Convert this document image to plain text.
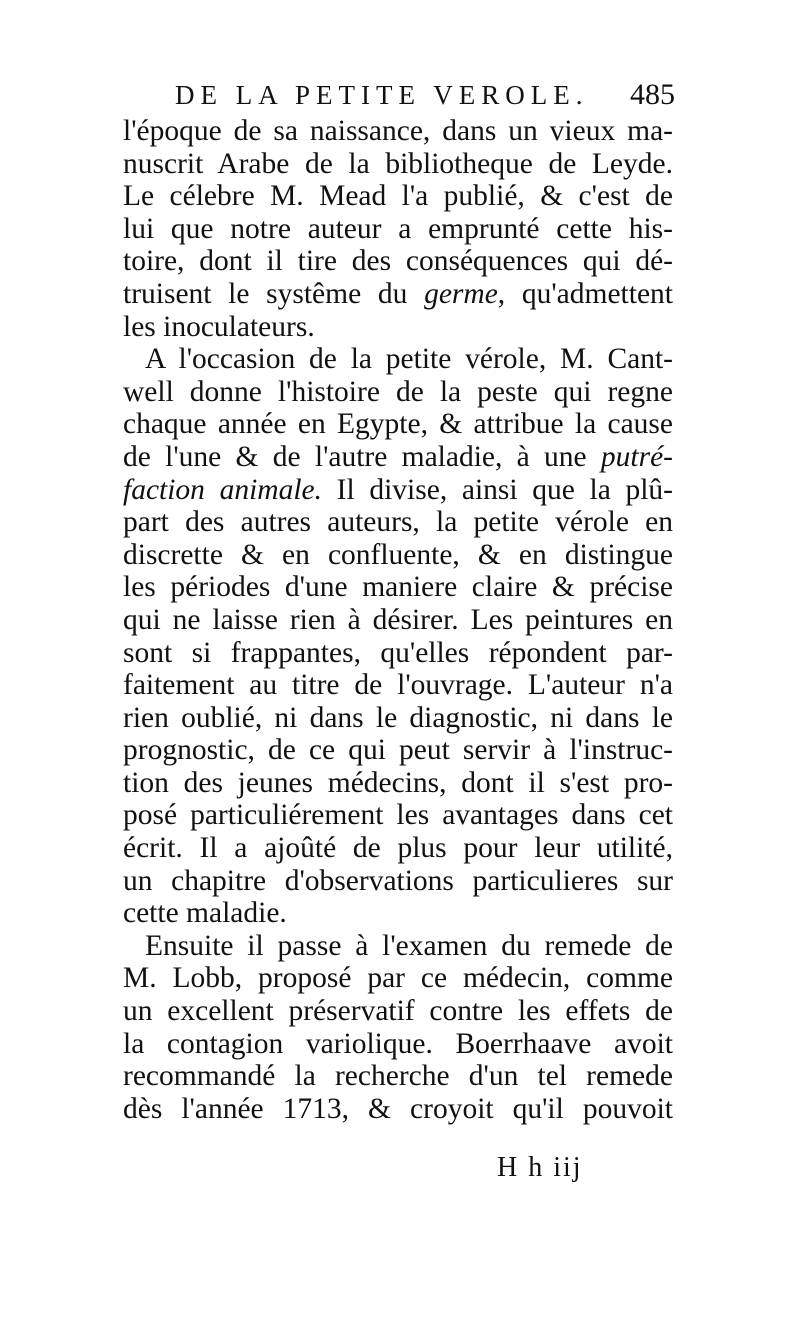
DE LA PETITE VEROLE. 485
l'époque de sa naissance, dans un vieux ma-
nuscrit Arabe de la bibliotheque de Leyde.
Le célebre M. Mead l'a publié, & c'est de
lui que notre auteur a emprunté cette his-
toire, dont il tire des conséquences qui dé-
truisent le systême du germe, qu'admettent
les inoculateurs.
A l'occasion de la petite vérole, M. Cant-
well donne l'histoire de la peste qui regne
chaque année en Egypte, & attribue la cause
de l'une & de l'autre maladie, à une putré-
faction animale. Il divise, ainsi que la plû-
part des autres auteurs, la petite vérole en
discrette & en confluente, & en distingue
les périodes d'une maniere claire & précise
qui ne laisse rien à désirer. Les peintures en
sont si frappantes, qu'elles répondent par-
faitement au titre de l'ouvrage. L'auteur n'a
rien oublié, ni dans le diagnostic, ni dans le
prognostic, de ce qui peut servir à l'instruc-
tion des jeunes médecins, dont il s'est pro-
posé particuliérement les avantages dans cet
écrit. Il a ajoûté de plus pour leur utilité,
un chapitre d'observations particulieres sur
cette maladie.
Ensuite il passe à l'examen du remede de
M. Lobb, proposé par ce médecin, comme
un excellent préservatif contre les effets de
la contagion variolique. Boerrhaave avoit
recommandé la recherche d'un tel remede
dès l'année 1713, & croyoit qu'il pouvoit
H h iij
